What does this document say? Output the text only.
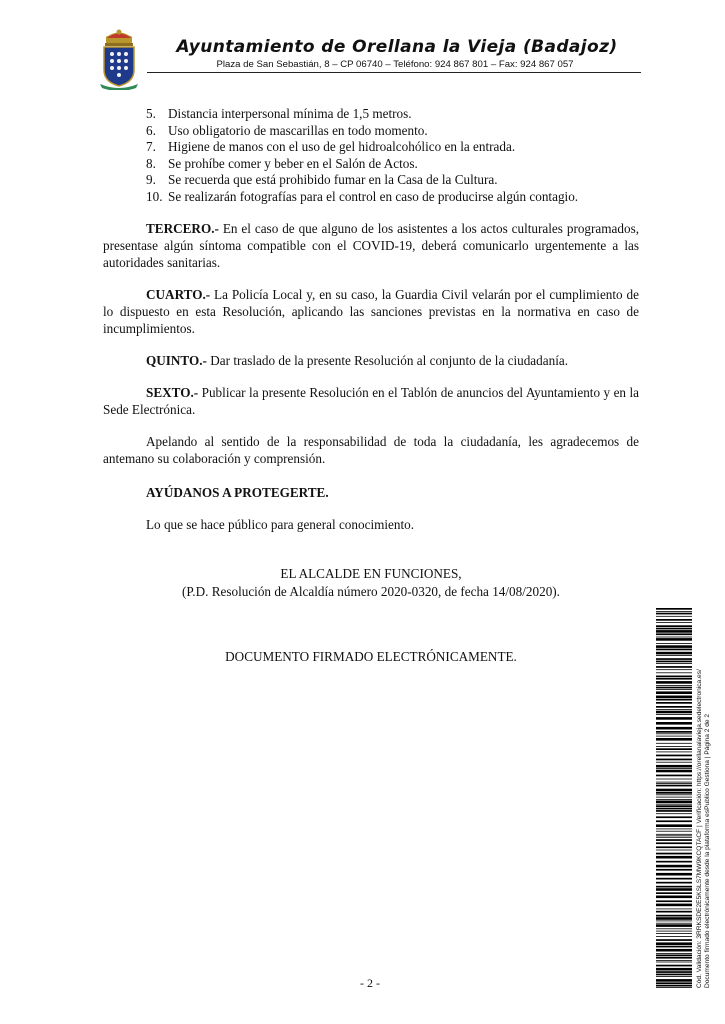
Ayuntamiento de Orellana la Vieja (Badajoz)
Plaza de San Sebastián, 8 – CP 06740 – Teléfono: 924 867 801 – Fax: 924 867 057
5. Distancia interpersonal mínima de 1,5 metros.
6. Uso obligatorio de mascarillas en todo momento.
7. Higiene de manos con el uso de gel hidroalcohólico en la entrada.
8. Se prohíbe comer y beber en el Salón de Actos.
9. Se recuerda que está prohibido fumar en la Casa de la Cultura.
10. Se realizarán fotografías para el control en caso de producirse algún contagio.

TERCERO.- En el caso de que alguno de los asistentes a los actos culturales programados, presentase algún síntoma compatible con el COVID-19, deberá comunicarlo urgentemente a las autoridades sanitarias.

CUARTO.- La Policía Local y, en su caso, la Guardia Civil velarán por el cumplimiento de lo dispuesto en esta Resolución, aplicando las sanciones previstas en la normativa en caso de incumplimientos.

QUINTO.- Dar traslado de la presente Resolución al conjunto de la ciudadanía.

SEXTO.- Publicar la presente Resolución en el Tablón de anuncios del Ayuntamiento y en la Sede Electrónica.

Apelando al sentido de la responsabilidad de toda la ciudadanía, les agradecemos de antemano su colaboración y comprensión.

AYÚDANOS A PROTEGERTE.

Lo que se hace público para general conocimiento.

EL ALCALDE EN FUNCIONES,

(P.D. Resolución de Alcaldía número 2020-0320, de fecha 14/08/2020).

DOCUMENTO FIRMADO ELECTRÓNICAMENTE.

- 2 -	Cód. Validación: 3RRKSDE2E5KSLS7MW9KCQTACF | Verificación: https://orellanalavieja.sedelectronica.es/ Documento firmado electrónicamente desde la plataforma esPublico Gestiona | Página 2 de 2
